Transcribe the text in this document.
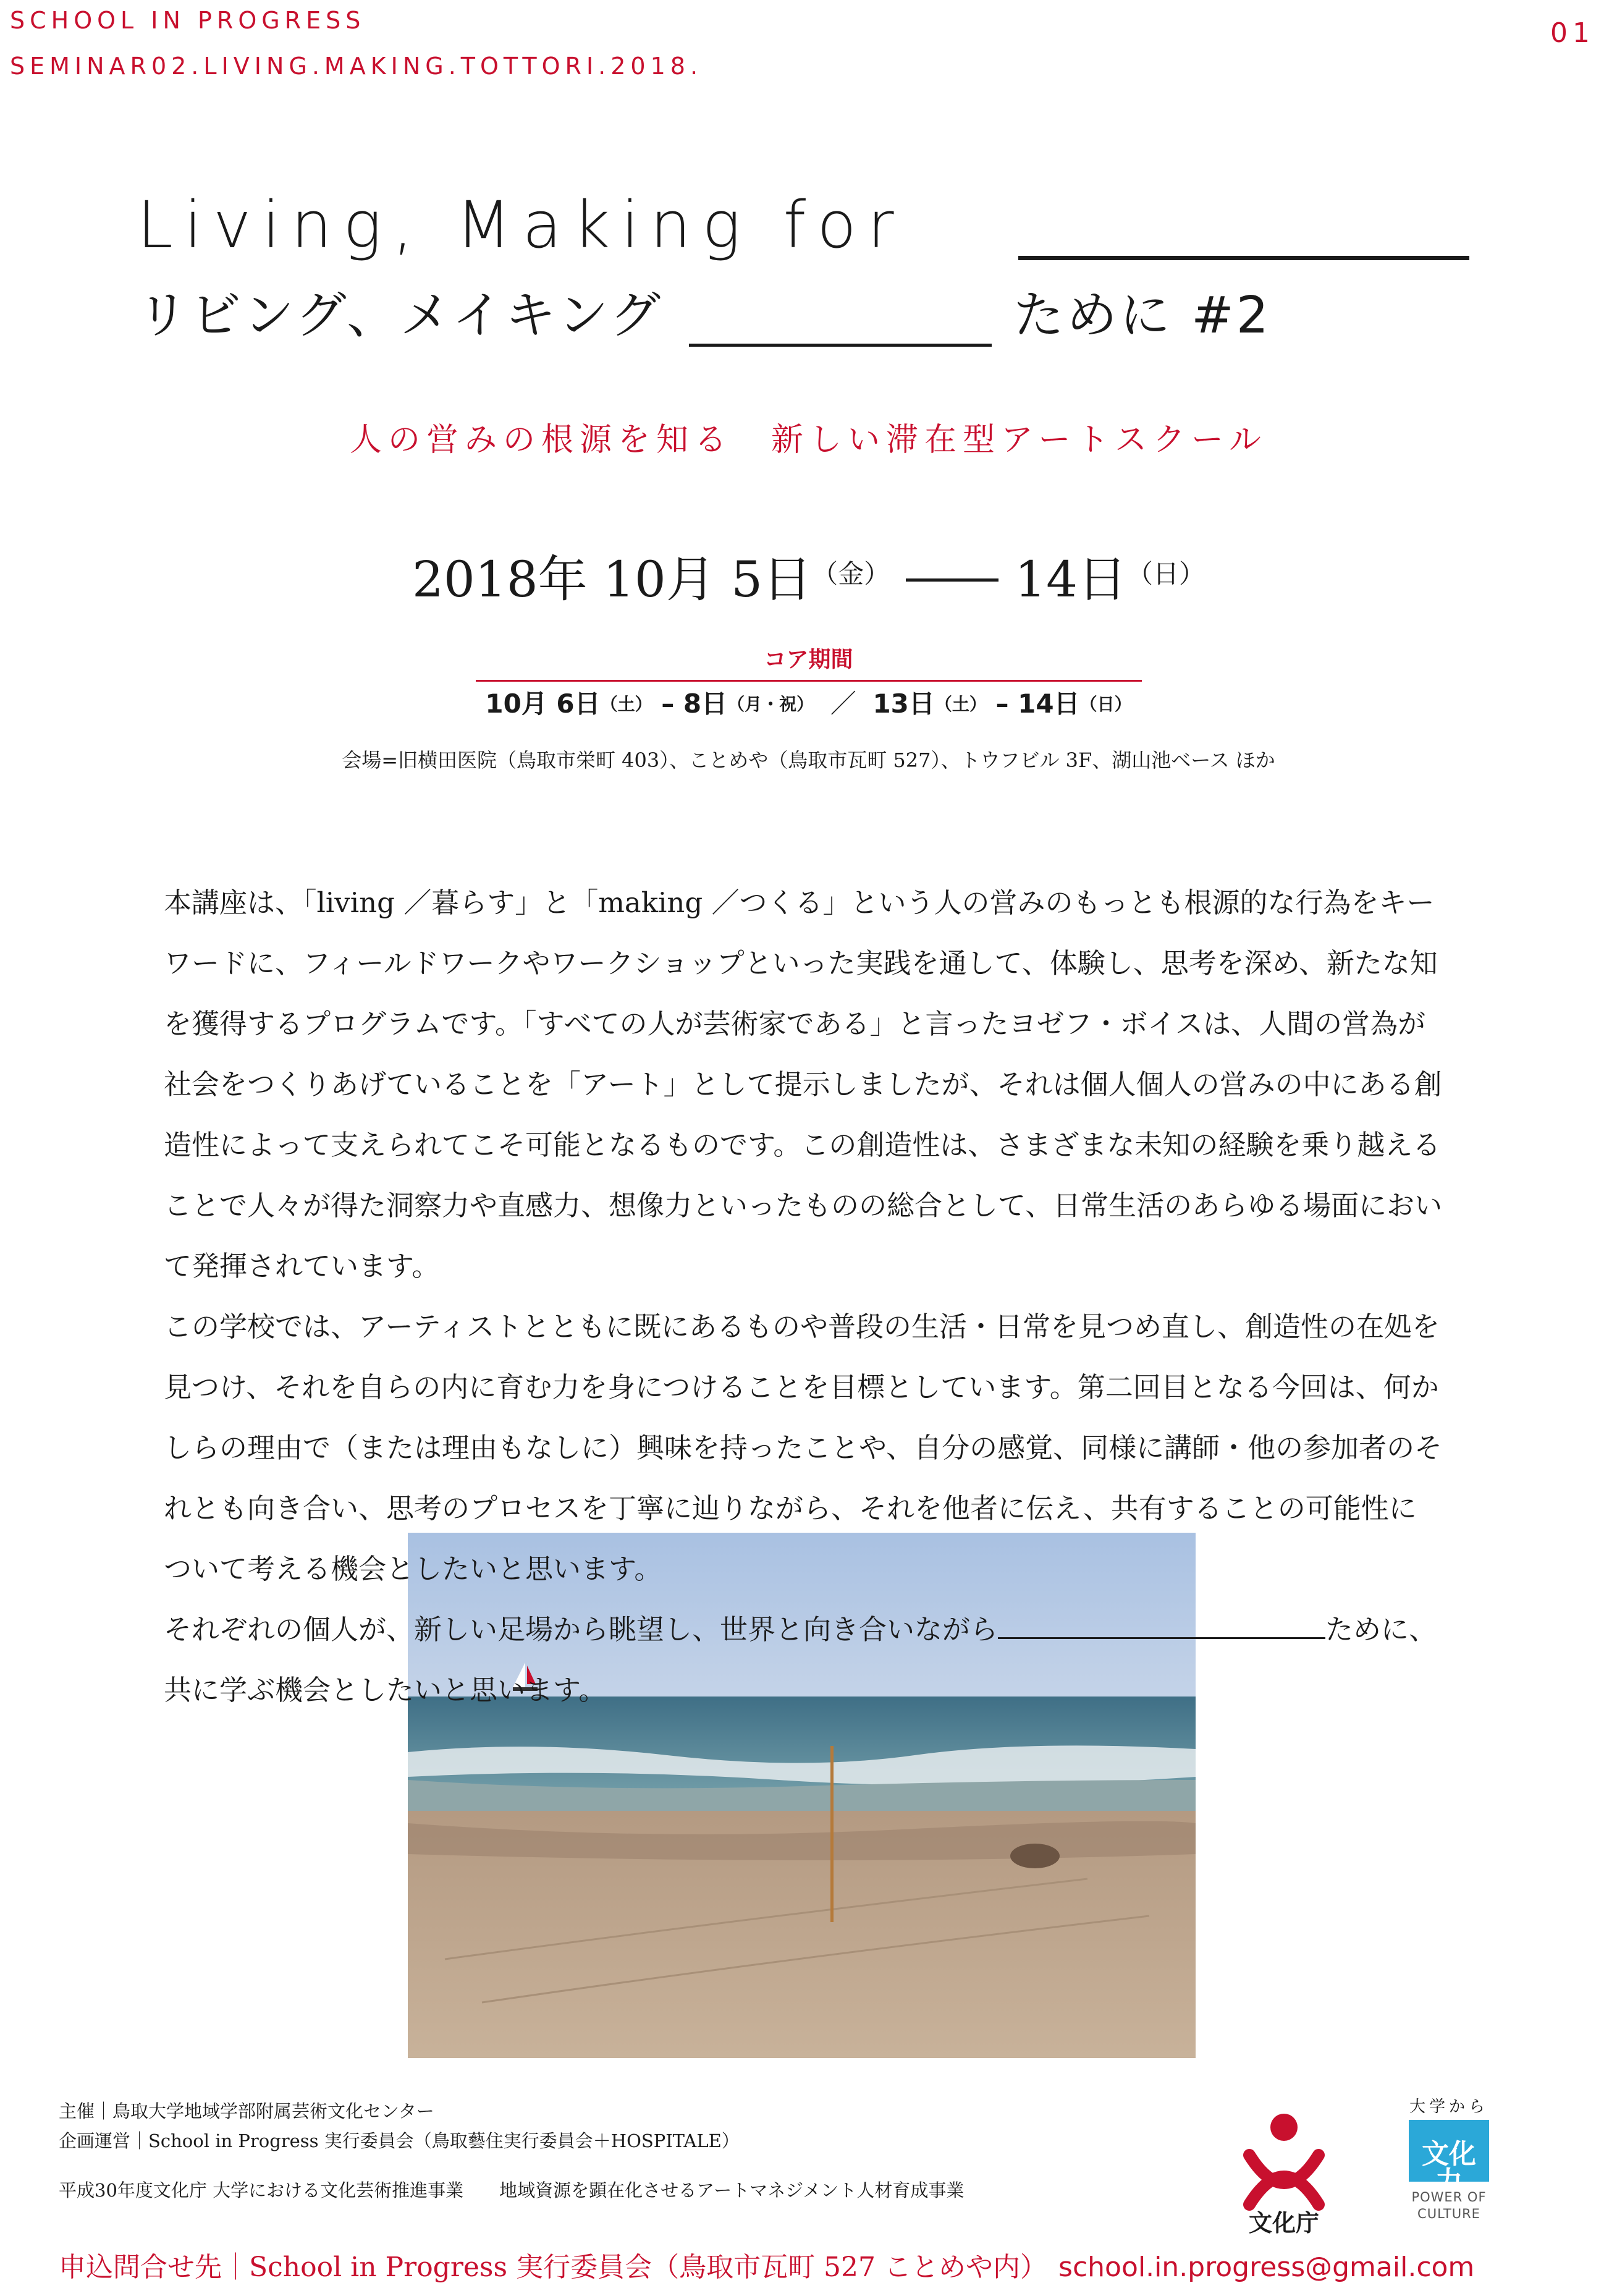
SCHOOL IN PROGRESS
SEMINAR02.LIVING.MAKING.TOTTORI.2018.
01
Living, Making for
リビング、メイキング	ために #2
人の営みの根源を知る　新しい滞在型アートスクール
2018年 10月 5日$^{(金)}$	14日$^{(日)}$
コア期間
10月 6日（土） – 8日（月・祝） ／ 13日（土） – 14日（日）
会場=旧横田医院（鳥取市栄町 403）、ことめや（鳥取市瓦町 527）、トウフビル 3F、湖山池ベース ほか

本講座は、「living ／暮らす」と「making ／つくる」という人の営みのもっとも根源的な行為をキーワードに、フィールドワークやワークショップといった実践を通して、体験し、思考を深め、新たな知を獲得するプログラムです。「すべての人が芸術家である」と言ったヨゼフ・ボイスは、人間の営為が社会をつくりあげていることを「アート」として提示しましたが、それは個人個人の営みの中にある創造性によって支えられてこそ可能となるものです。この創造性は、さまざまな未知の経験を乗り越えることで人々が得た洞察力や直感力、想像力といったものの総合として、日常生活のあらゆる場面において発揮されています。

この学校では、アーティストとともに既にあるものや普段の生活・日常を見つめ直し、創造性の在処を見つけ、それを自らの内に育む力を身につけることを目標としています。第二回目となる今回は、何かしらの理由で（または理由もなしに）興味を持ったことや、自分の感覚、同様に講師・他の参加者のそれとも向き合い、思考のプロセスを丁寧に辿りながら、それを他者に伝え、共有することの可能性について考える機会としたいと思います。

それぞれの個人が、新しい足場から眺望し、世界と向き合いながら	ために、共に学ぶ機会としたいと思います。

主催｜鳥取大学地域学部附属芸術文化センター
企画運営｜School in Progress 実行委員会（鳥取藝住実行委員会＋HOSPITALE）
平成30年度文化庁 大学における文化芸術推進事業　　地域資源を顕在化させるアートマネジメント人材育成事業
申込問合せ先｜School in Progress 実行委員会（鳥取市瓦町 527 ことめや内） school.in.progress@gmail.com
文化庁
大学から
文化力
POWER OF CULTURE
